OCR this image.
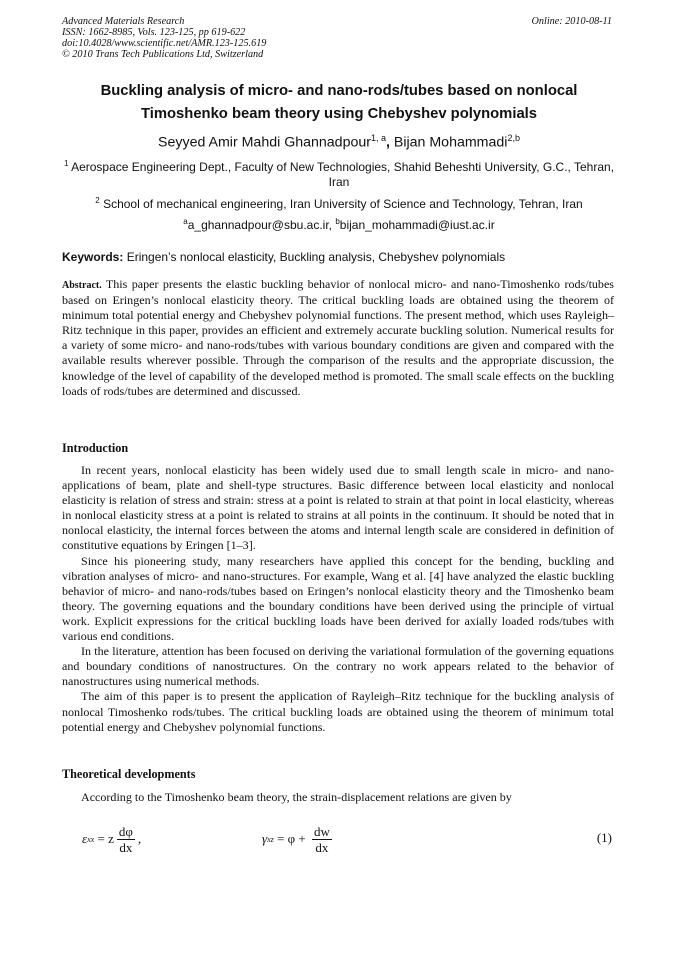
Advanced Materials Research
ISSN: 1662-8985, Vols. 123-125, pp 619-622
doi:10.4028/www.scientific.net/AMR.123-125.619
© 2010 Trans Tech Publications Ltd, Switzerland
Online: 2010-08-11
Buckling analysis of micro- and nano-rods/tubes based on nonlocal Timoshenko beam theory using Chebyshev polynomials
Seyyed Amir Mahdi Ghannadpour$^{1, a}$, Bijan Mohammadi$^{2,b}$
$^1$ Aerospace Engineering Dept., Faculty of New Technologies, Shahid Beheshti University, G.C., Tehran, Iran
$^2$ School of mechanical engineering, Iran University of Science and Technology, Tehran, Iran
$^a$a_ghannadpour@sbu.ac.ir, $^b$bijan_mohammadi@iust.ac.ir
Keywords: Eringen’s nonlocal elasticity, Buckling analysis, Chebyshev polynomials
Abstract. This paper presents the elastic buckling behavior of nonlocal micro- and nano-Timoshenko rods/tubes based on Eringen’s nonlocal elasticity theory. The critical buckling loads are obtained using the theorem of minimum total potential energy and Chebyshev polynomial functions. The present method, which uses Rayleigh–Ritz technique in this paper, provides an efficient and extremely accurate buckling solution. Numerical results for a variety of some micro- and nano-rods/tubes with various boundary conditions are given and compared with the available results wherever possible. Through the comparison of the results and the appropriate discussion, the knowledge of the level of capability of the developed method is promoted. The small scale effects on the buckling loads of rods/tubes are determined and discussed.
Introduction

In recent years, nonlocal elasticity has been widely used due to small length scale in micro- and nano-applications of beam, plate and shell-type structures. Basic difference between local elasticity and nonlocal elasticity is relation of stress and strain: stress at a point is related to strain at that point in local elasticity, whereas in nonlocal elasticity stress at a point is related to strains at all points in the continuum. It should be noted that in nonlocal elasticity, the internal forces between the atoms and internal length scale are considered in definition of constitutive equations by Eringen [1–3].

Since his pioneering study, many researchers have applied this concept for the bending, buckling and vibration analyses of micro- and nano-structures. For example, Wang et al. [4] have analyzed the elastic buckling behavior of micro- and nano-rods/tubes based on Eringen’s nonlocal elasticity theory and the Timoshenko beam theory. The governing equations and the boundary conditions have been derived using the principle of virtual work. Explicit expressions for the critical buckling loads have been derived for axially loaded rods/tubes with various end conditions.

In the literature, attention has been focused on deriving the variational formulation of the governing equations and boundary conditions of nanostructures. On the contrary no work appears related to the behavior of nanostructures using numerical methods.

The aim of this paper is to present the application of Rayleigh–Ritz technique for the buckling analysis of nonlocal Timoshenko rods/tubes. The critical buckling loads are obtained using the theorem of minimum total potential energy and Chebyshev polynomial functions.

Theoretical developments

According to the Timoshenko beam theory, the strain-displacement relations are given by

ε xx = z $\frac{d\varphi}{dx}$ ,	γ xz = $\varphi + \frac{dw}{dx}$	(1)
